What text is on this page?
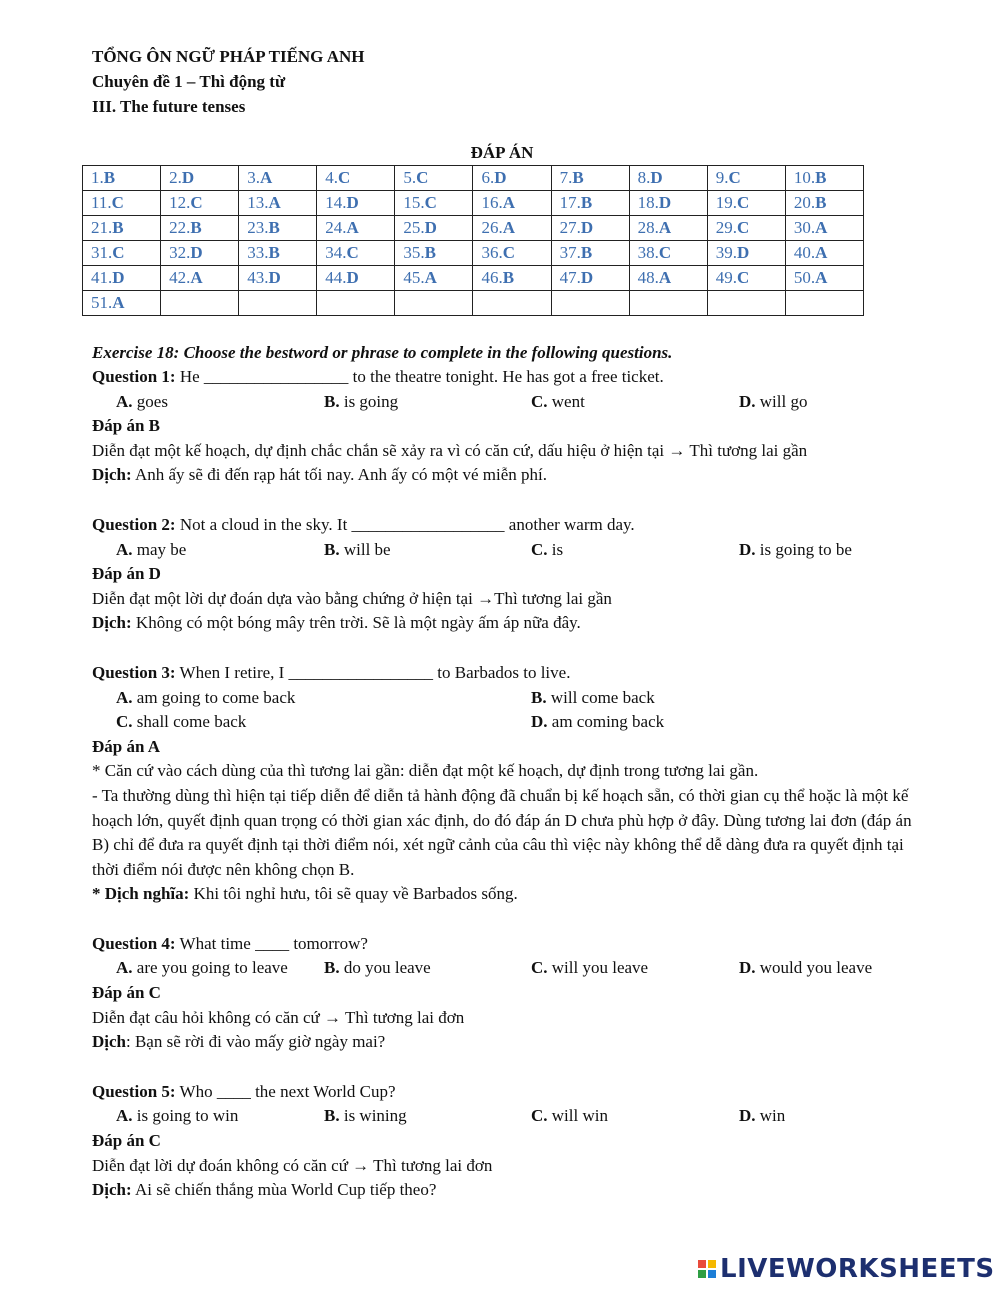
TỔNG ÔN NGỮ PHÁP TIẾNG ANH
Chuyên đề 1 – Thì động từ
III. The future tenses
ĐÁP ÁN
1.B	2.D	3.A	4.C	5.C	6.D	7.B	8.D	9.C	10.B
11.C	12.C	13.A	14.D	15.C	16.A	17.B	18.D	19.C	20.B
21.B	22.B	23.B	24.A	25.D	26.A	27.D	28.A	29.C	30.A
31.C	32.D	33.B	34.C	35.B	36.C	37.B	38.C	39.D	40.A
41.D	42.A	43.D	44.D	45.A	46.B	47.D	48.A	49.C	50.A
51.A									
Exercise 18: Choose the bestword or phrase to complete in the following questions.
Question 1: He _________________ to the theatre tonight. He has got a free ticket.
A. goes	B. is going	C. went	D. will go
Đáp án B
Diễn đạt một kế hoạch, dự định chắc chắn sẽ xảy ra vì có căn cứ, dấu hiệu ở hiện tại → Thì tương lai gần
Dịch: Anh ấy sẽ đi đến rạp hát tối nay. Anh ấy có một vé miễn phí.
Question 2: Not a cloud in the sky. It __________________ another warm day.
A. may be	B. will be	C. is	D. is going to be
Đáp án D
Diễn đạt một lời dự đoán dựa vào bằng chứng ở hiện tại →Thì tương lai gần
Dịch: Không có một bóng mây trên trời. Sẽ là một ngày ấm áp nữa đây.
Question 3: When I retire, I _________________ to Barbados to live.
A. am going to come back	B. will come back
C. shall come back	D. am coming back
Đáp án A
* Căn cứ vào cách dùng của thì tương lai gần: diễn đạt một kế hoạch, dự định trong tương lai gần.
- Ta thường dùng thì hiện tại tiếp diễn để diễn tả hành động đã chuẩn bị kế hoạch sẵn, có thời gian cụ thể hoặc là một kế hoạch lớn, quyết định quan trọng có thời gian xác định, do đó đáp án D chưa phù hợp ở đây. Dùng tương lai đơn (đáp án B) chỉ để đưa ra quyết định tại thời điểm nói, xét ngữ cảnh của câu thì việc này không thể dễ dàng đưa ra quyết định tại thời điểm nói được nên không chọn B.
* Dịch nghĩa: Khi tôi nghỉ hưu, tôi sẽ quay về Barbados sống.
Question 4: What time ____ tomorrow?
A. are you going to leave B. do you leave	C. will you leave	D. would you leave
Đáp án C
Diễn đạt câu hỏi không có căn cứ → Thì tương lai đơn
Dịch: Bạn sẽ rời đi vào mấy giờ ngày mai?
Question 5: Who ____ the next World Cup?
A. is going to win	B. is wining	C. will win	D. win
Đáp án C
Diễn đạt lời dự đoán không có căn cứ → Thì tương lai đơn
Dịch: Ai sẽ chiến thắng mùa World Cup tiếp theo?
LIVEWORKSHEETS
